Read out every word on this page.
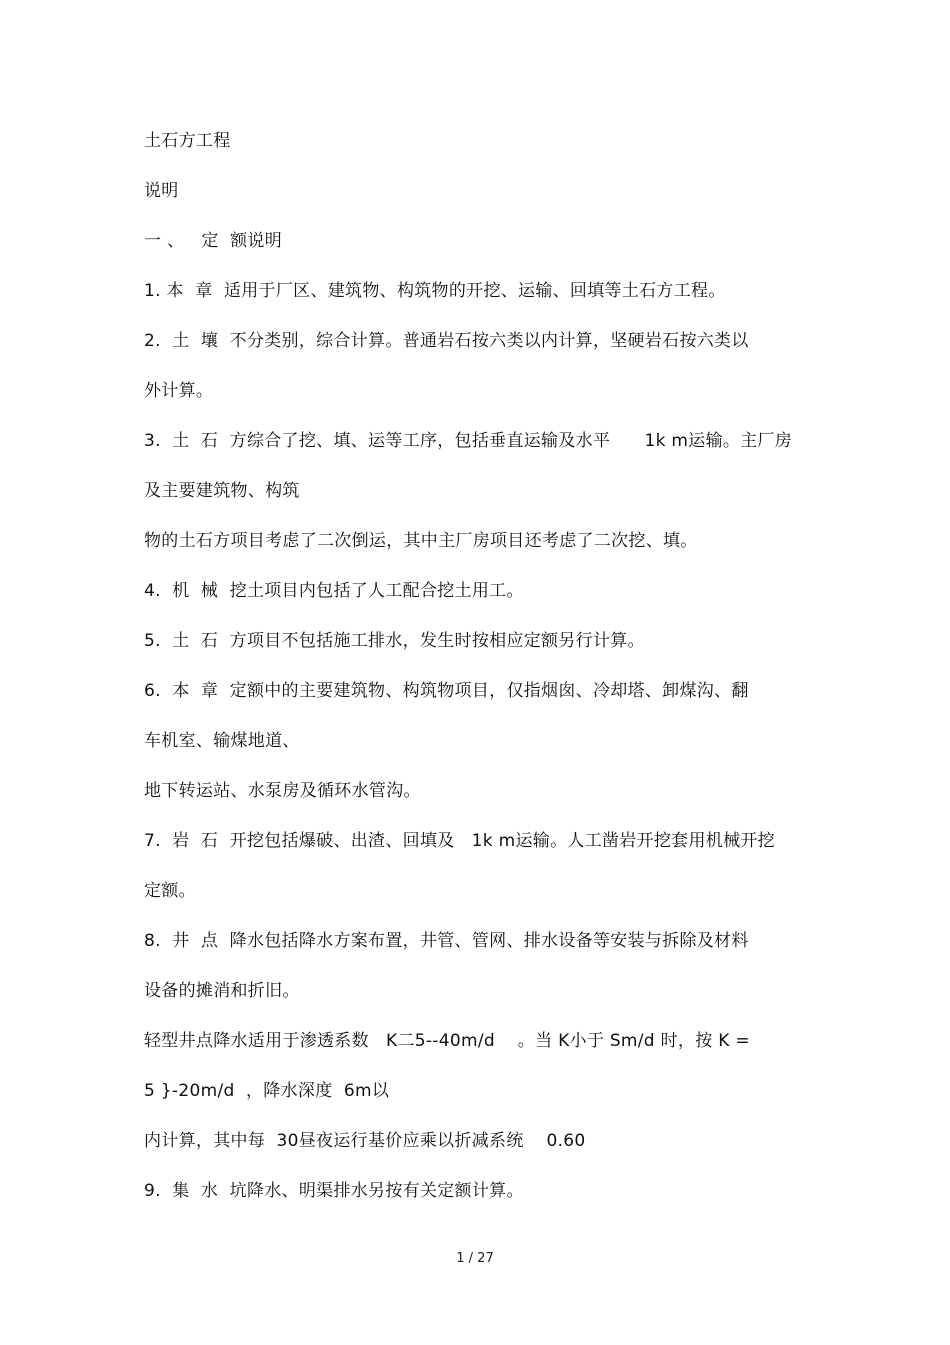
土石方工程
说明
一 、   定  额说明
1. 本  章  适用于厂区、建筑物、构筑物的开挖、运输、回填等土石方工程。
2.  土  壤  不分类别，综合计算。普通岩石按六类以内计算，坚硬岩石按六类以
外计算。
3.  土  石  方综合了挖、填、运等工序，包括垂直运输及水平      1k m运输。主厂房
及主要建筑物、构筑
物的土石方项目考虑了二次倒运，其中主厂房项目还考虑了二次挖、填。
4.  机  械  挖土项目内包括了人工配合挖土用工。
5.  土  石  方项目不包括施工排水，发生时按相应定额另行计算。
6.  本  章  定额中的主要建筑物、构筑物项目，仅指烟囱、冷却塔、卸煤沟、翻
车机室、输煤地道、
地下转运站、水泵房及循环水管沟。
7.  岩  石  开挖包括爆破、出渣、回填及   1k m运输。人工凿岩开挖套用机械开挖
定额。
8.  井  点  降水包括降水方案布置，井管、管网、排水设备等安装与拆除及材料
设备的摊消和折旧。
轻型井点降水适用于渗透系数   K二5--40m/d    。当 K小于 Sm/d 时，按 K =
5 }-20m/d  ，降水深度  6m以
内计算，其中每  30昼夜运行基价应乘以折减系统    0.60
9.  集  水  坑降水、明渠排水另按有关定额计算。
1 / 27
